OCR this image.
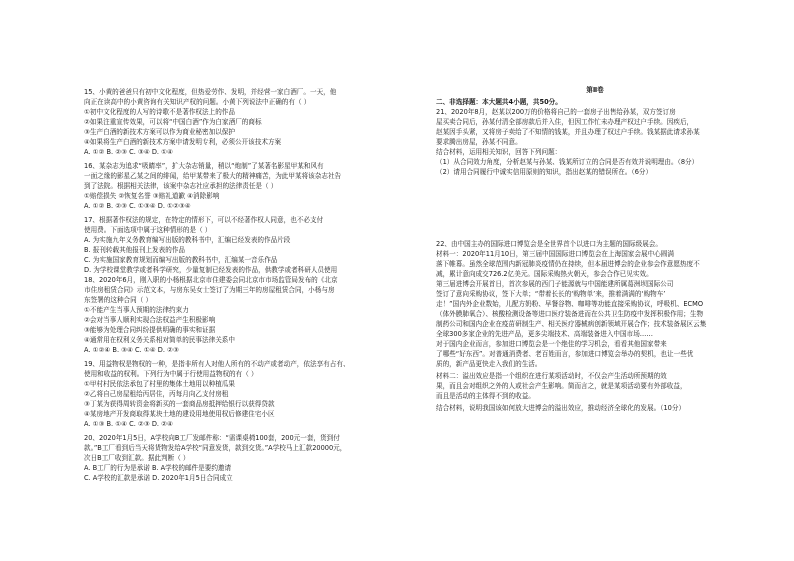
15、小黄的爸爸只有初中文化程度，但热爱劳作、发明，并经营一家白酒厂。一天，他
向正在读高中的小黄咨询有关知识产权的问题。小黄下列说法中正确的有（ ）
①初中文化程度的人写的诗歌不是著作权法上的作品
②如果注重宣传效果，可以将“中国白酒”作为白家酒厂的商标
③生产白酒的新技术方案可以作为商业秘密加以保护
④如果将生产白酒的新技术方案申请发明专利，必须公开该技术方案
A. ①② B. ②③ C. ③④ D. ①④
16、某杂志为追求“吸睛率”，扩大杂志销量，稍以“炮制”了某著名影星甲某和风有
一面之缘的影星乙某之间的绯闻，给甲某带来了极大的精神痛苦，为此甲某将该杂志社告
到了法院。根据相关法律，该案中杂志社应承担的法律责任是（ ）
①赔偿损失 ②恢复名誉 ③赔礼道歉 ④消除影响
A. ①② B. ②③ C. ①③④ D. ①②③④
17、根据著作权法的规定，在特定的情形下，可以不经著作权人同意，也不必支付
使用费。下面选项中属于这种情形的是（ ）
A. 为实施九年义务教育编写出版的教科书中，汇编已经发表的作品片段
B. 报刊转载其他报刊上发表的作品
C. 为实施国家教育规划而编写出版的教科书中，汇编某一音乐作品
D. 为学校课堂教学或者科学研究，少量复制已经发表的作品，供教学或者科研人员使用
18、2020年6月，刚入职的小杨根据北京市住建委会同北京市市场监管局发布的《北京
市住房租赁合同》示范文本，与房东吴女士签订了为期三年的房屋租赁合同，小杨与房
东签署的这种合同（ ）
①不能产生当事人预期的法律约束力
②会对当事人顺利实现合法权益产生积极影响
③能够为处理合同纠纷提供明确的事实和证据
④通常用在权利义务关系相对简单的民事法律关系中
A. ①②④ B. ③④ C. ①④ D. ②③
19、用益物权是物权的一种，是指非所有人对他人所有的不动产或者动产，依法享有占有、
使用和收益的权利。下列行为中属于行使用益物权的有（ ）
①甲村村民依法承包了村里的集体土地用以种植瓜果
②乙将自己房屋租给丙居住，丙每月向乙支付房租
③丁某为获得周转资金将新买的一套商品房抵押给银行以获得贷款
④某房地产开发商取得某块土地的建设用地使用权后修建住宅小区
A. ①③ B. ①④ C. ②③ D. ②④
20、2020年1月5日，A学校向B工厂发邮件称：“需课桌椅100套，200元一套，货到付
款。”B工厂看到后当天将货物发给A学校“同意发货，款到交货。”A学校马上汇款20000元，
次日B工厂收到汇款。据此判断（ ）
A. B工厂的行为是承诺 B. A学校的邮件是要约邀请
C. A学校的汇款是承诺 D. 2020年1月5日合同成立
第Ⅱ卷
二、非选择题：本大题共4小题，共50分。
21、2020年8月，赵某以200万的价格将自己的一套房子出售给孙某，双方签订房
屋买卖合同后，孙某付清全部房款后并入住，但因工作忙未办理产权过户手续。因疾后，
赵某因手头紧，又将房子卖给了不知情的钱某，并且办理了权过户手续。钱某据此请求孙某
要求腾出房屋，孙某不同意。
结合材料，运用相关知识，回答下列问题：
（1）从合同效力角度，分析赵某与孙某、钱某所订立的合同是否有效并说明理由。（8分）
（2）请用合同履行中诚实信用原则的知识，指出赵某的错误所在。（6分）
22、由中国主办的国际进口博览会是全世界首个以进口为主题的国际级展会。
材料一：2020年11月10日，第三届中国国际进口博览会在上海国家会展中心圆满
落下帷幕。虽然全球范围内新冠肺炎疫情仍在持续，但本届进博会的企业参会作意愿热度不
减，累计意向成交726.2亿美元。国际采购热火朝天，参会合作已见实效。
第三届进博会开展首日，首次参展的西门子能源就与中国能建所属葛洲坝国际公司
签订了意向采购协议，签下大单；“带着长长的‘购物单’来，推着满满的‘购物车’
走！”国内外企业数始，儿配方奶粉、早餐谷物、咖啡等功能直接采购协议，呼吸机、ECMO
（体外膜肺氧合）、核酸检测设备等进口医疗装备进而在公共卫生防疫中发挥积极作用；生物
制药公司和国内企业在疫苗研制生产、相关医疗器械病创新领域开展合作；技术装备展区云集
全球300多家企业的先进产品，更多尖端技术、高端装备进入中国市场……
对于国内企业而言，参加进口博览会是一个绝佳的学习机会，看看其他国家带来
了哪些“好东西”。对普通消费者、老百姓而言，参加进口博览会举办的契机，也让一些优
质的，新产品更快走入我们的生活。
材料二：溢出效应是指一个组织在进行某项活动时，不仅会产生活动所预期的效
果，而且会对组织之外的人或社会产生影响。简而言之，就是某项活动要有外部收益，
而且是活动的主体得不到的收益。
结合材料，说明我国该如何放大进博会的溢出效应，推动经济全球化的发展。（10分）
